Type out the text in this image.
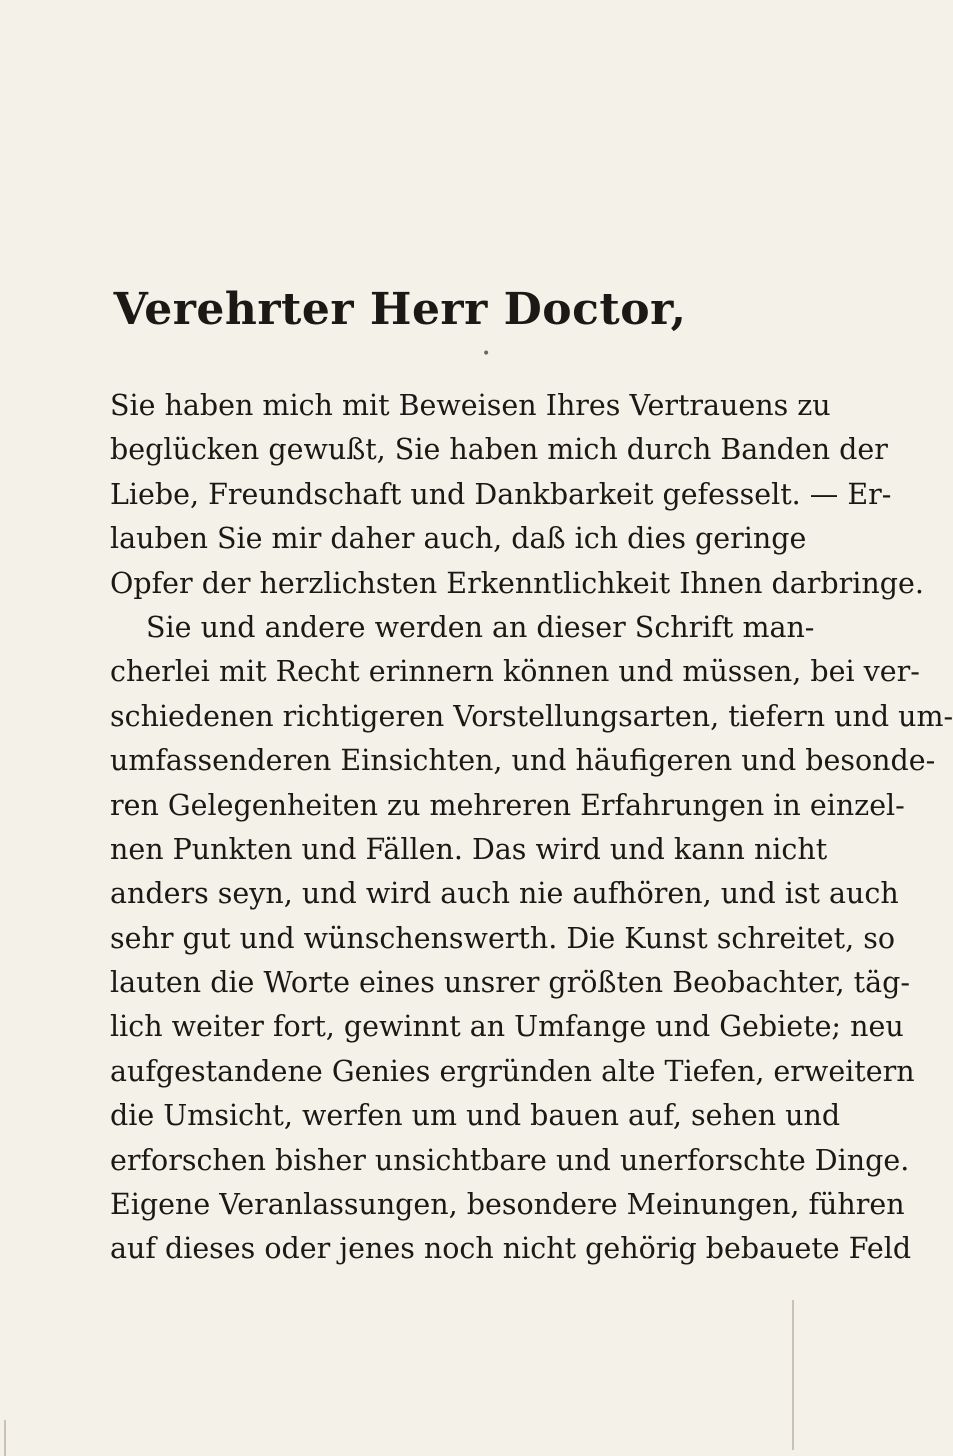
Verehrter Herr Doctor,
•
Sie haben mich mit Beweisen Ihres Vertrauens zu
beglücken gewußt, Sie haben mich durch Banden der
Liebe, Freundschaft und Dankbarkeit gefesselt. — Er-
lauben Sie mir daher auch, daß ich dies geringe
Opfer der herzlichsten Erkenntlichkeit Ihnen darbringe.
Sie und andere werden an dieser Schrift man-
cherlei mit Recht erinnern können und müssen, bei ver-
schiedenen richtigeren Vorstellungsarten, tiefern und um-
umfassenderen Einsichten, und häufigeren und besonde-
ren Gelegenheiten zu mehreren Erfahrungen in einzel-
nen Punkten und Fällen. Das wird und kann nicht
anders seyn, und wird auch nie aufhören, und ist auch
sehr gut und wünschenswerth. Die Kunst schreitet, so
lauten die Worte eines unsrer größten Beobachter, täg-
lich weiter fort, gewinnt an Umfange und Gebiete; neu
aufgestandene Genies ergründen alte Tiefen, erweitern
die Umsicht, werfen um und bauen auf, sehen und
erforschen bisher unsichtbare und unerforschte Dinge.
Eigene Veranlassungen, besondere Meinungen, führen
auf dieses oder jenes noch nicht gehörig bebauete Feld
